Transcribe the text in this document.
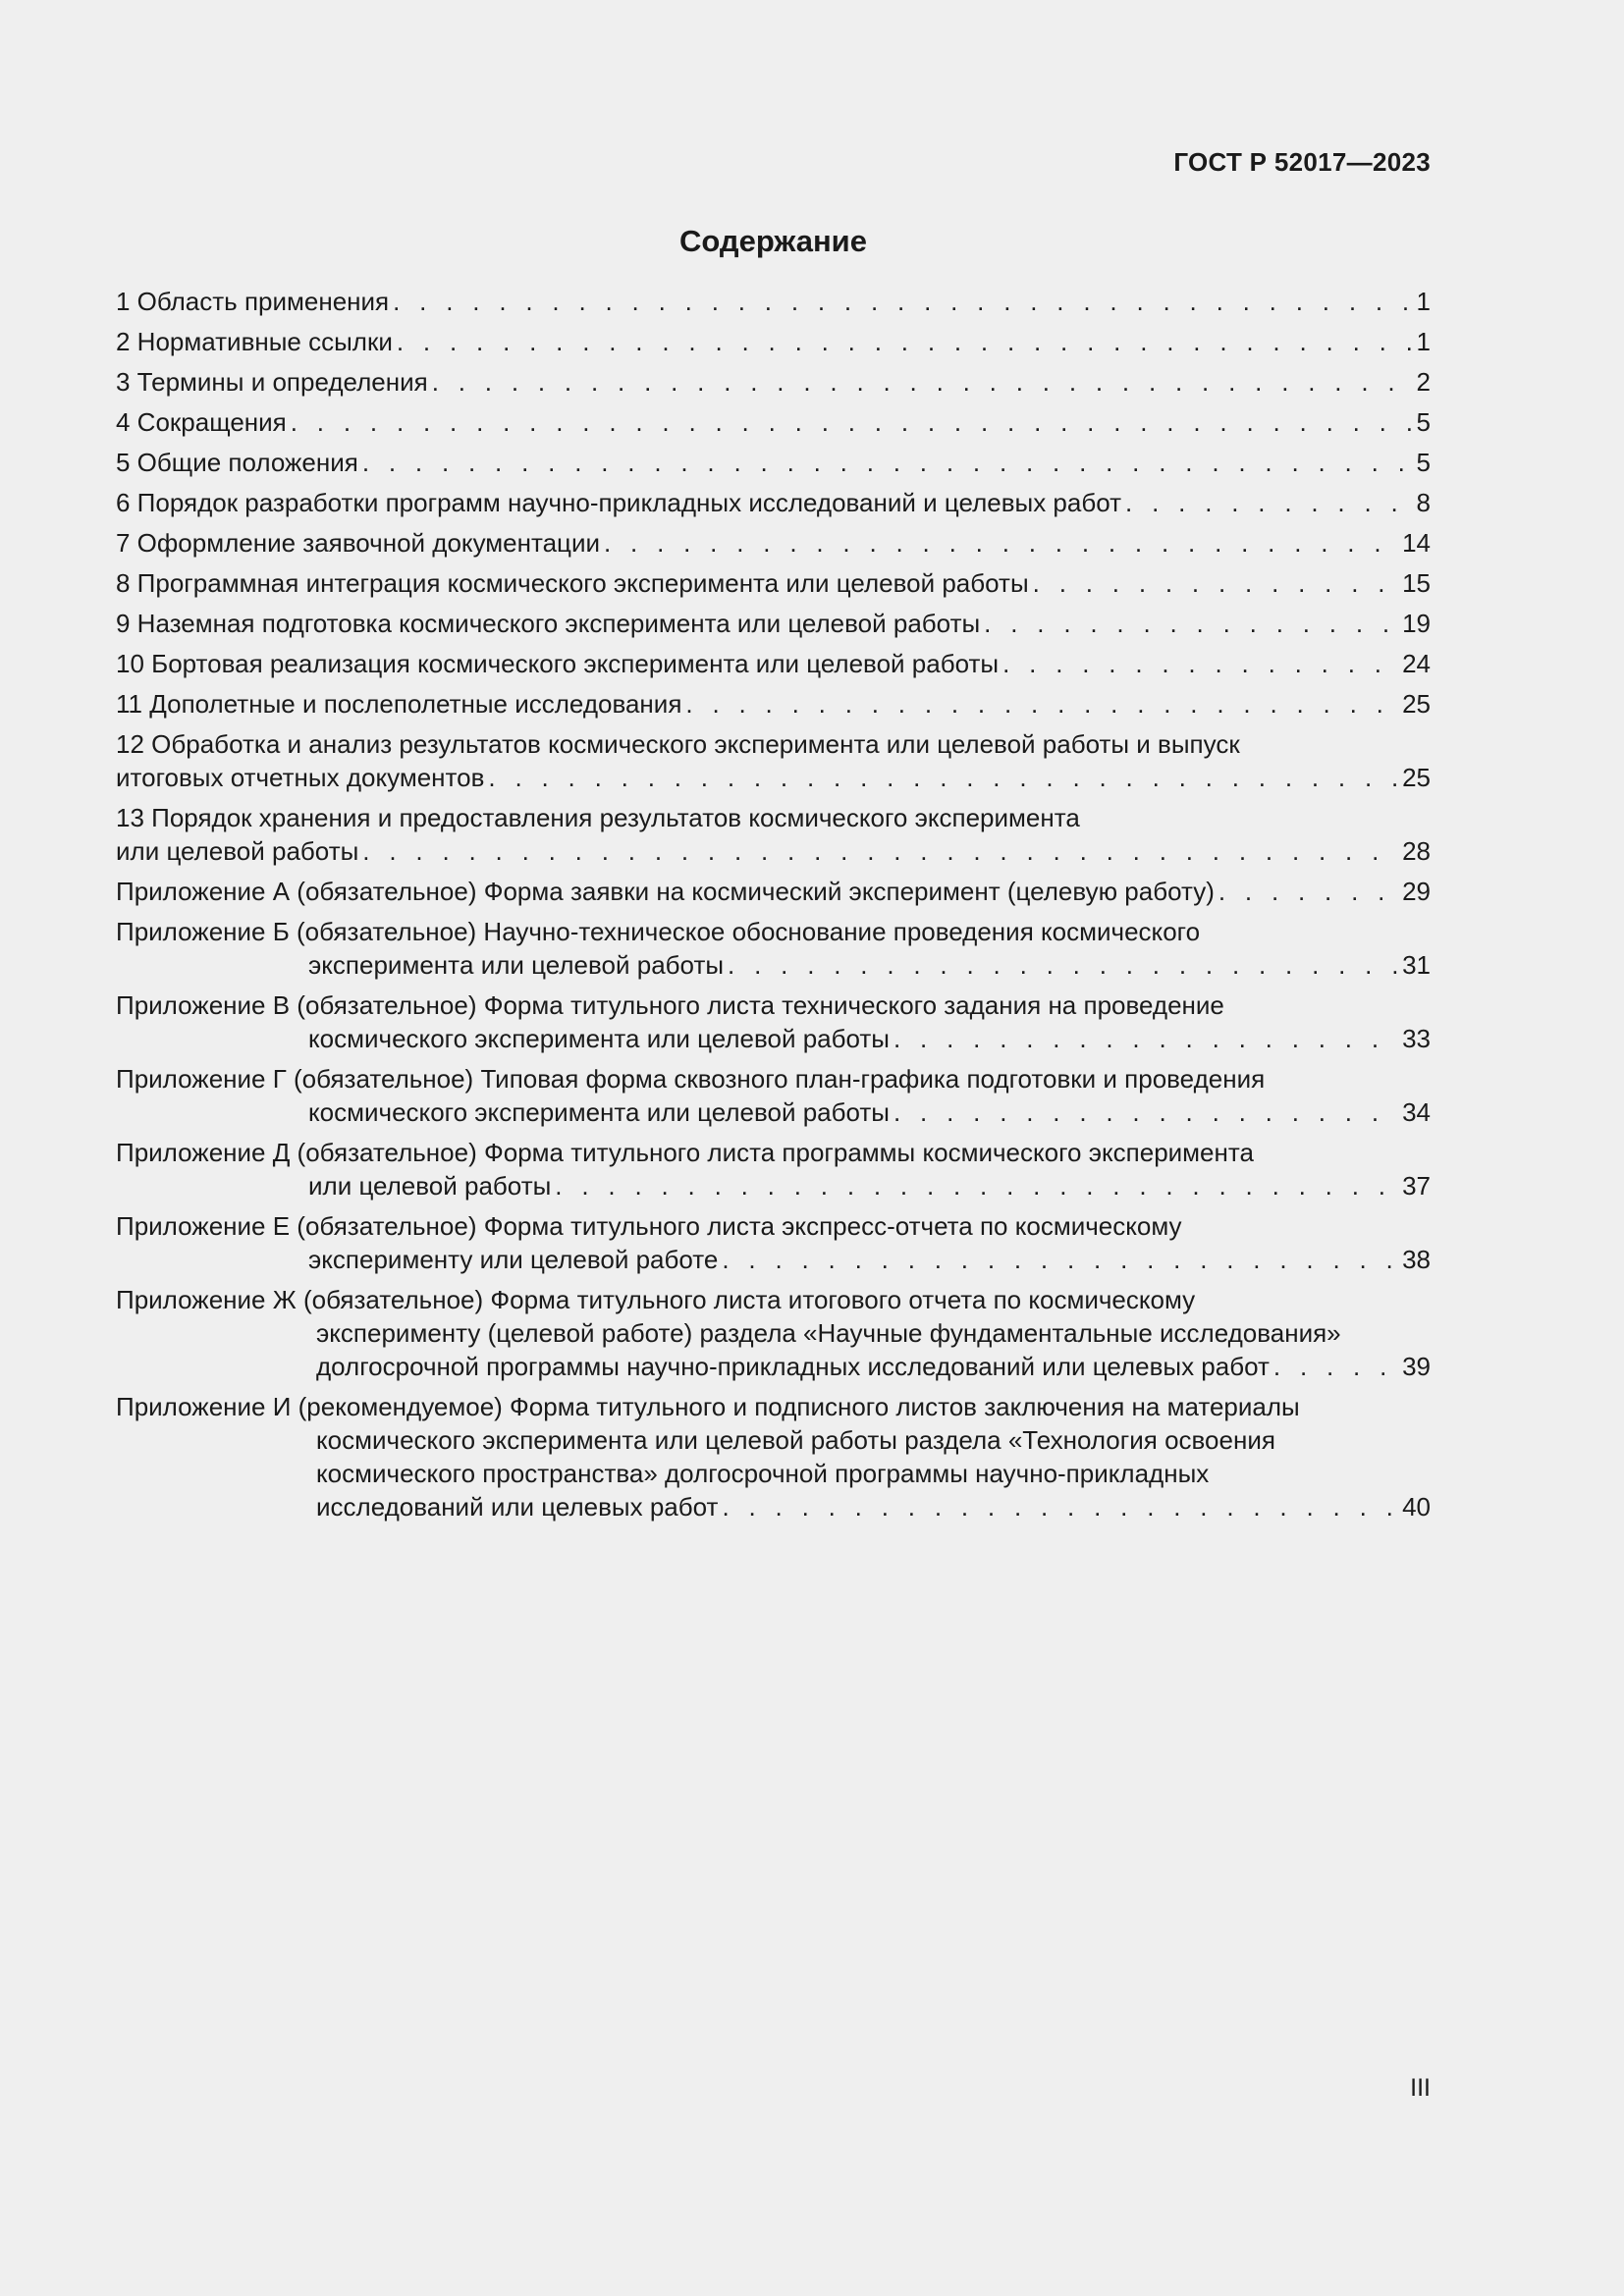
ГОСТ Р 52017—2023
Содержание
1 Область применения . . .	1
2 Нормативные ссылки . . .	1
3 Термины и определения . . .	2
4 Сокращения . . .	5
5 Общие положения . . .	5
6 Порядок разработки программ научно-прикладных исследований и целевых работ . . .	8
7 Оформление заявочной документации . . .	14
8 Программная интеграция космического эксперимента или целевой работы . . .	15
9 Наземная подготовка космического эксперимента или целевой работы . . .	19
10 Бортовая реализация космического эксперимента или целевой работы . . .	24
11 Дополетные и послеполетные исследования . . .	25
12 Обработка и анализ результатов космического эксперимента или целевой работы и выпуск
итоговых отчетных документов . . .	25
13 Порядок хранения и предоставления результатов космического эксперимента
или целевой работы . . .	28
Приложение А (обязательное) Форма заявки на космический эксперимент (целевую работу) . . .	29
Приложение Б (обязательное) Научно-техническое обоснование проведения космического
экспериментa или целевой работы . . .	31
Приложение В (обязательное) Форма титульного листа технического задания на проведение
космического эксперимента или целевой работы . . .	33
Приложение Г (обязательное) Типовая форма сквозного план-графика подготовки и проведения
космического эксперимента или целевой работы . . .	34
Приложение Д (обязательное) Форма титульного листа программы космического эксперимента
или целевой работы . . .	37
Приложение Е (обязательное) Форма титульного листа экспресс-отчета по космическому
эксперименту или целевой работе . . .	38
Приложение Ж (обязательное) Форма титульного листа итогового отчета по космическому
эксперименту (целевой работе) раздела «Научные фундаментальные исследования»
долгосрочной программы научно-прикладных исследований или целевых работ . . .	39
Приложение И (рекомендуемое) Форма титульного и подписного листов заключения на материалы
космического эксперимента или целевой работы раздела «Технология освоения
космического пространства» долгосрочной программы научно-прикладных
исследований или целевых работ . . .	40
III
